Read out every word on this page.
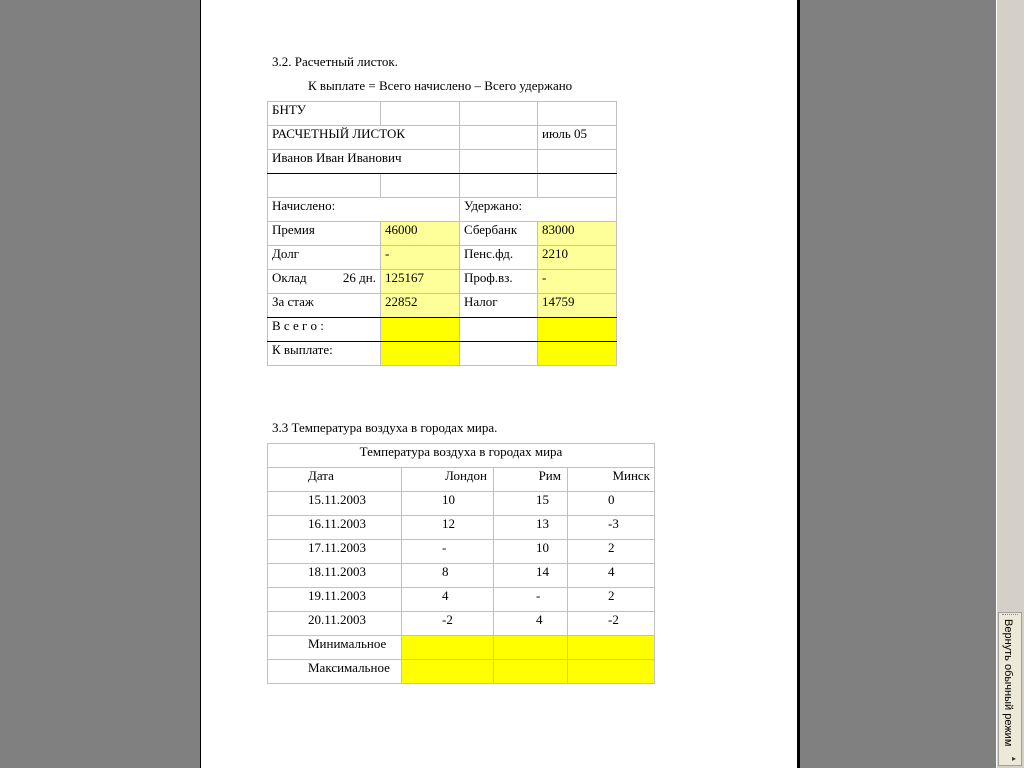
3.2. Расчетный листок.
К выплате = Всего начислено – Всего удержано
БНТУ			
РАСЧЕТНЫЙ ЛИСТОК			июль 05
Иванов Иван Иванович			

Начислено:		Удержано:	
Премия	46000	Сбербанк	83000
Долг	-	Пенс.фд.	2210
Оклад 26 дн.	125167	Проф.вз.	-
За стаж	22852	Налог	14759
В с е г о :			
К выплате:			
3.3 Температура воздуха в городах мира.
Температура воздуха в городах мира			
Дата	Лондон	Рим	Минск
15.11.2003	10	15	0
16.11.2003	12	13	-3
17.11.2003	-	10	2
18.11.2003	8	14	4
19.11.2003	4	-	2
20.11.2003	-2	4	-2
Минимальное			
Максимальное				Вернуть обычный режим
▸
